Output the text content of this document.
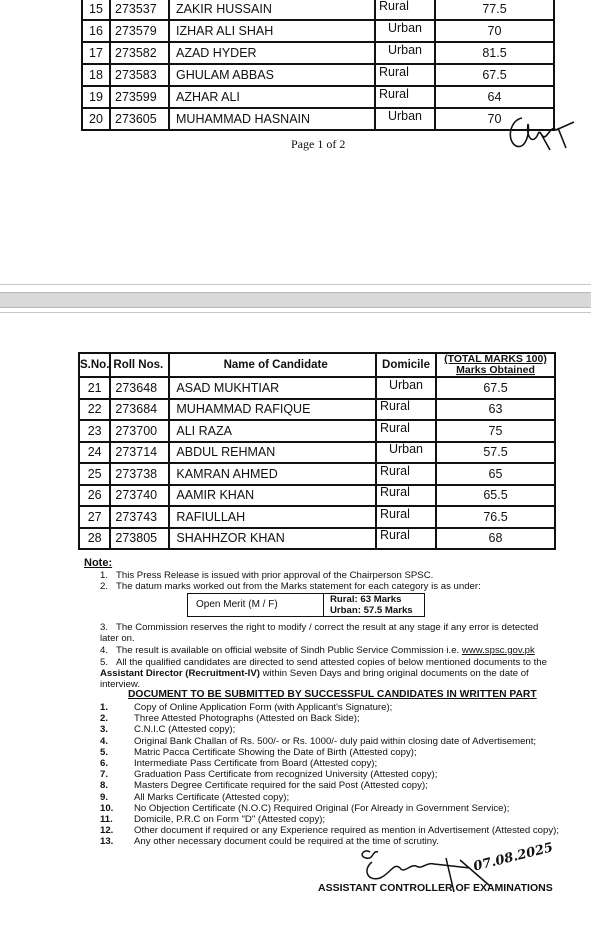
15	273537	ZAKIR HUSSAIN	Rural	77.5
16	273579	IZHAR ALI SHAH	Urban	70
17	273582	AZAD HYDER	Urban	81.5
18	273583	GHULAM ABBAS	Rural	67.5
19	273599	AZHAR ALI	Rural	64
20	273605	MUHAMMAD HASNAIN	Urban	70
Page 1 of 2
S.No.	Roll Nos.	Name of Candidate	Domicile	(TOTAL MARKS 100)
Marks Obtained

21	273648	ASAD MUKHTIAR	Urban	67.5
22	273684	MUHAMMAD RAFIQUE	Rural	63
23	273700	ALI RAZA	Rural	75
24	273714	ABDUL REHMAN	Urban	57.5
25	273738	KAMRAN AHMED	Rural	65
26	273740	AAMIR KHAN	Rural	65.5
27	273743	RAFIULLAH	Rural	76.5
28	273805	SHAHHZOR KHAN	Rural	68
Note:
1. This Press Release is issued with prior approval of the Chairperson SPSC.
2. The datum marks worked out from the Marks statement for each category is as under:
Open Merit (M / F)	Rural: 63 Marks
Urban: 57.5 Marks
3. The Commission reserves the right to modify / correct the result at any stage if any error is detected later on.
4. The result is available on official website of Sindh Public Service Commission i.e. www.spsc.gov.pk
5. All the qualified candidates are directed to send attested copies of below mentioned documents to the Assistant Director (Recruitment-IV) within Seven Days and bring original documents on the date of interview.
DOCUMENT TO BE SUBMITTED BY SUCCESSFUL CANDIDATES IN WRITTEN PART
1.	Copy of Online Application Form (with Applicant's Signature);
2.	Three Attested Photographs (Attested on Back Side);
3.	C.N.I.C (Attested copy);
4.	Original Bank Challan of Rs. 500/- or Rs. 1000/- duly paid within closing date of Advertisement;
5.	Matric Pacca Certificate Showing the Date of Birth (Attested copy);
6.	Intermediate Pass Certificate from Board (Attested copy);
7.	Graduation Pass Certificate from recognized University (Attested copy);
8.	Masters Degree Certificate required for the said Post (Attested copy);
9.	All Marks Certificate (Attested copy);
10. No Objection Certificate (N.O.C) Required Original (For Already in Government Service);
11. Domicile, P.R.C on Form "D" (Attested copy);
12. Other document if required or any Experience required as mention in Advertisement (Attested copy);
13. Any other necessary document could be required at the time of scrutiny.	07.08.2025
ASSISTANT CONTROLLER OF EXAMINATIONS
